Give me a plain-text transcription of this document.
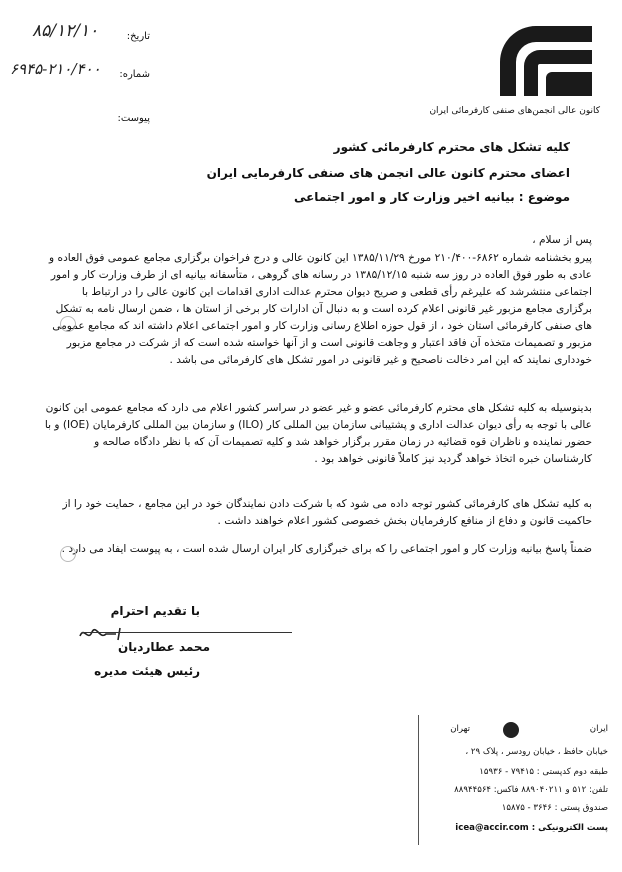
کانون عالی انجمن‌های صنفی کارفرمائی ایران
تاریخ:
۸۵/۱۲/۱۰
شماره:
۶۹۴۵-۲۱۰/۴۰۰
پیوست:
کلیه تشکل های محترم کارفرمائی کشور
اعضای محترم کانون عالی انجمن های صنفی کارفرمایی ایران
موضوع : بیانیه اخیر وزارت کار و امور اجتماعی
پس از سلام ،
پیرو بخشنامه شماره ۶۸۶۲-۲۱۰/۴۰۰ مورخ ۱۳۸۵/۱۱/۲۹ این کانون عالی و درج فراخوان برگزاری مجامع عمومی فوق العاده و عادی به طور فوق العاده در روز سه شنبه ۱۳۸۵/۱۲/۱۵ در رسانه های گروهی ، متأسفانه بیانیه ای از طرف وزارت کار و امور اجتماعی منتشرشد که علیرغم رأی قطعی و صریح دیوان محترم عدالت اداری اقدامات این کانون عالی را در ارتباط با برگزاری مجامع مزبور غیر قانونی اعلام کرده است و به دنبال آن ادارات کار برخی از استان ها ، ضمن ارسال نامه به تشکل های صنفی کارفرمائی استان خود ، از قول حوزه اطلاع رسانی وزارت کار و امور اجتماعی اعلام داشته اند که مجامع عمومی مزبور و تصمیمات متخذه آن فاقد اعتبار و وجاهت قانونی است و از آنها خواسته شده است که از شرکت در مجامع مزبور خودداری نمایند که این امر دخالت ناصحیح و غیر قانونی در امور تشکل های کارفرمائی می باشد .
بدینوسیله به کلیه تشکل های محترم کارفرمائی عضو و غیر عضو در سراسر کشور اعلام می دارد که مجامع عمومی این کانون عالی با توجه به رأی دیوان عدالت اداری و پشتیبانی سازمان بین المللی کار (ILO) و سازمان بین المللی کارفرمایان (IOE) و با حضور نماینده و ناظران قوه قضائیه در زمان مقرر برگزار خواهد شد و کلیه تصمیمات آن که با نظر دادگاه صالحه و کارشناسان خبره اتخاذ خواهد گردید نیز کاملاً قانونی خواهد بود .
به کلیه تشکل های کارفرمائی کشور توجه داده می شود که با شرکت دادن نمایندگان خود در این مجامع ، حمایت خود را از حاکمیت قانون و دفاع از منافع کارفرمایان بخش خصوصی کشور اعلام خواهند داشت .
ضمناً پاسخ بیانیه وزارت کار و امور اجتماعی را که برای خبرگزاری کار ایران ارسال شده است ، به پیوست ایفاد می دارد .
با تقدیم احترام
محمد عطاردیان
رئیس هیئت مدیره
ایران
تهران
خیابان حافظ ، خیابان رودسر ، پلاک ۲۹ ،
طبقه دوم کدپستی : ۷۹۴۱۵ - ۱۵۹۳۶
تلفن: ۵۱۲ و ۸۸۹۰۴۰۲۱۱ فاکس: ۸۸۹۴۴۵۶۴
صندوق پستی : ۳۶۴۶ - ۱۵۸۷۵
پست الکترونیکی : icea@accir.com
